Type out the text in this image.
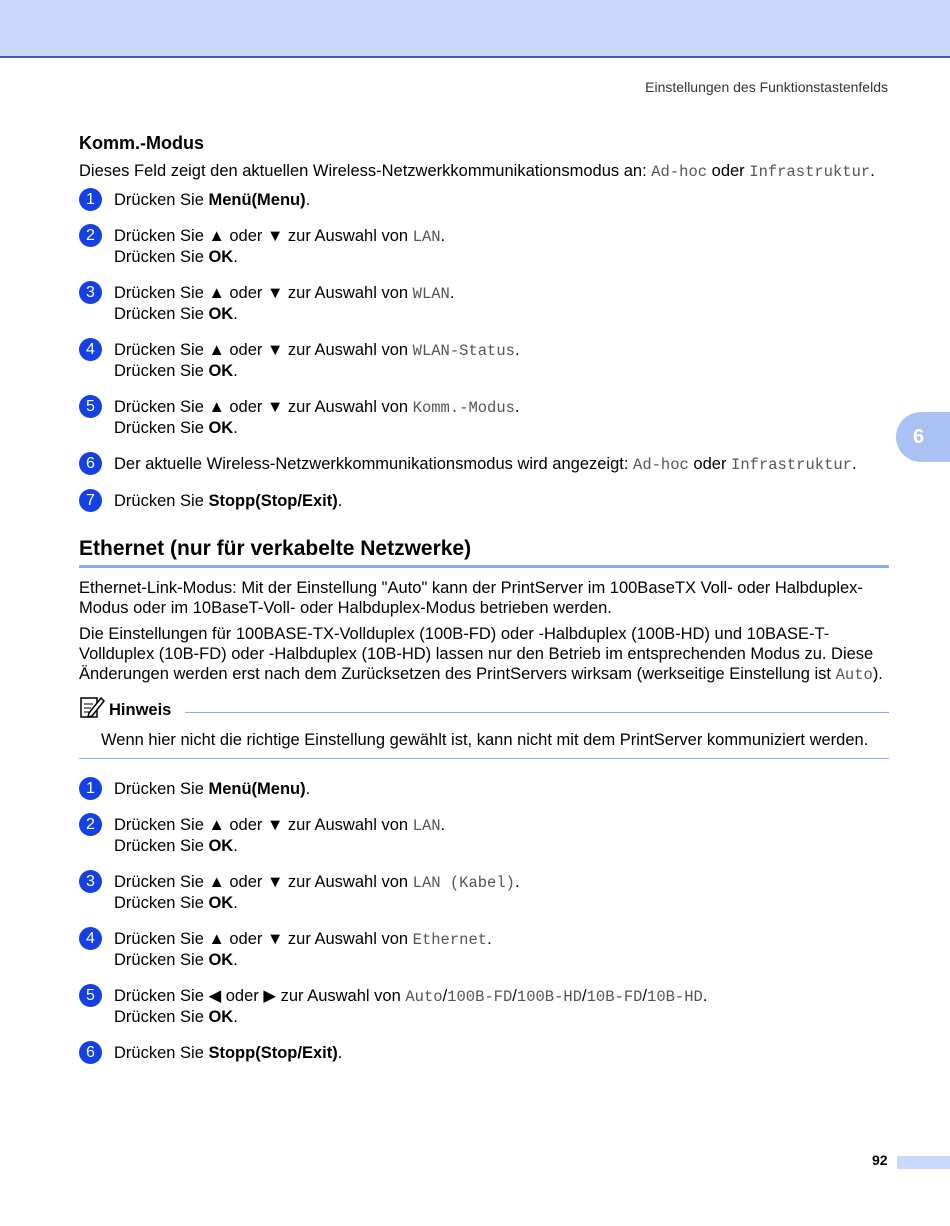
Einstellungen des Funktionstastenfelds
6
Komm.-Modus
Dieses Feld zeigt den aktuellen Wireless-Netzwerkkommunikationsmodus an: Ad-hoc oder Infrastruktur.
1	Drücken Sie Menü(Menu).
2	Drücken Sie ▲ oder ▼ zur Auswahl von LAN.
Drücken Sie OK.
3	Drücken Sie ▲ oder ▼ zur Auswahl von WLAN.
Drücken Sie OK.
4	Drücken Sie ▲ oder ▼ zur Auswahl von WLAN-Status.
Drücken Sie OK.
5	Drücken Sie ▲ oder ▼ zur Auswahl von Komm.-Modus.
Drücken Sie OK.
6	Der aktuelle Wireless-Netzwerkkommunikationsmodus wird angezeigt: Ad-hoc oder Infrastruktur.
7	Drücken Sie Stopp(Stop/Exit).
Ethernet (nur für verkabelte Netzwerke)
Ethernet-Link-Modus: Mit der Einstellung "Auto" kann der PrintServer im 100BaseTX Voll- oder Halbduplex-Modus oder im 10BaseT-Voll- oder Halbduplex-Modus betrieben werden.
Die Einstellungen für 100BASE-TX-Vollduplex (100B-FD) oder -Halbduplex (100B-HD) und 10BASE-T-Vollduplex (10B-FD) oder -Halbduplex (10B-HD) lassen nur den Betrieb im entsprechenden Modus zu. Diese Änderungen werden erst nach dem Zurücksetzen des PrintServers wirksam (werkseitige Einstellung ist Auto).
Hinweis
Wenn hier nicht die richtige Einstellung gewählt ist, kann nicht mit dem PrintServer kommuniziert werden.
1	Drücken Sie Menü(Menu).
2	Drücken Sie ▲ oder ▼ zur Auswahl von LAN.
Drücken Sie OK.
3	Drücken Sie ▲ oder ▼ zur Auswahl von LAN (Kabel).
Drücken Sie OK.
4	Drücken Sie ▲ oder ▼ zur Auswahl von Ethernet.
Drücken Sie OK.
5	Drücken Sie ◀ oder ▶ zur Auswahl von Auto/100B-FD/100B-HD/10B-FD/10B-HD.
Drücken Sie OK.
6	Drücken Sie Stopp(Stop/Exit).
92
